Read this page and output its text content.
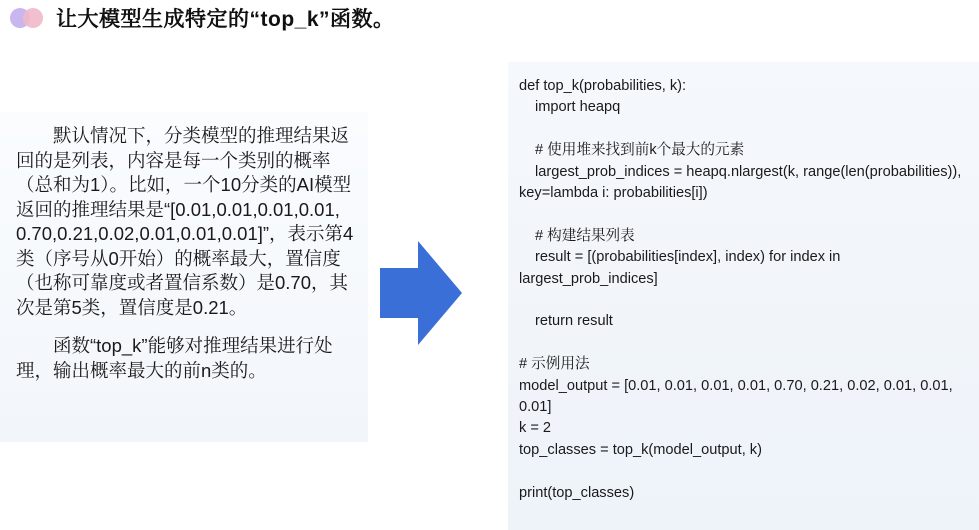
让大模型生成特定的“top_k”函数。

默认情况下，分类模型的推理结果返回的是列表，内容是每一个类别的概率（总和为1）。比如，一个10分类的AI模型返回的推理结果是“[0.01,0.01,0.01,0.01,0.70,0.21,0.02,0.01,0.01,0.01]”，表示第4类（序号从0开始）的概率最大，置信度（也称可靠度或者置信系数）是0.70，其次是第5类，置信度是0.21。

函数“top_k”能够对推理结果进行处理，输出概率最大的前n类的。

def top_k(probabilities, k):
import heapq
# 使用堆来找到前k个最大的元素
largest_prob_indices = heapq.nlargest(k, range(len(probabilities)), key=lambda i: probabilities[i])
# 构建结果列表
result = [(probabilities[index], index) for index in largest_prob_indices]
return result
# 示例用法
model_output = [0.01, 0.01, 0.01, 0.01, 0.70, 0.21, 0.02, 0.01, 0.01, 0.01]
k = 2
top_classes = top_k(model_output, k)
print(top_classes)
